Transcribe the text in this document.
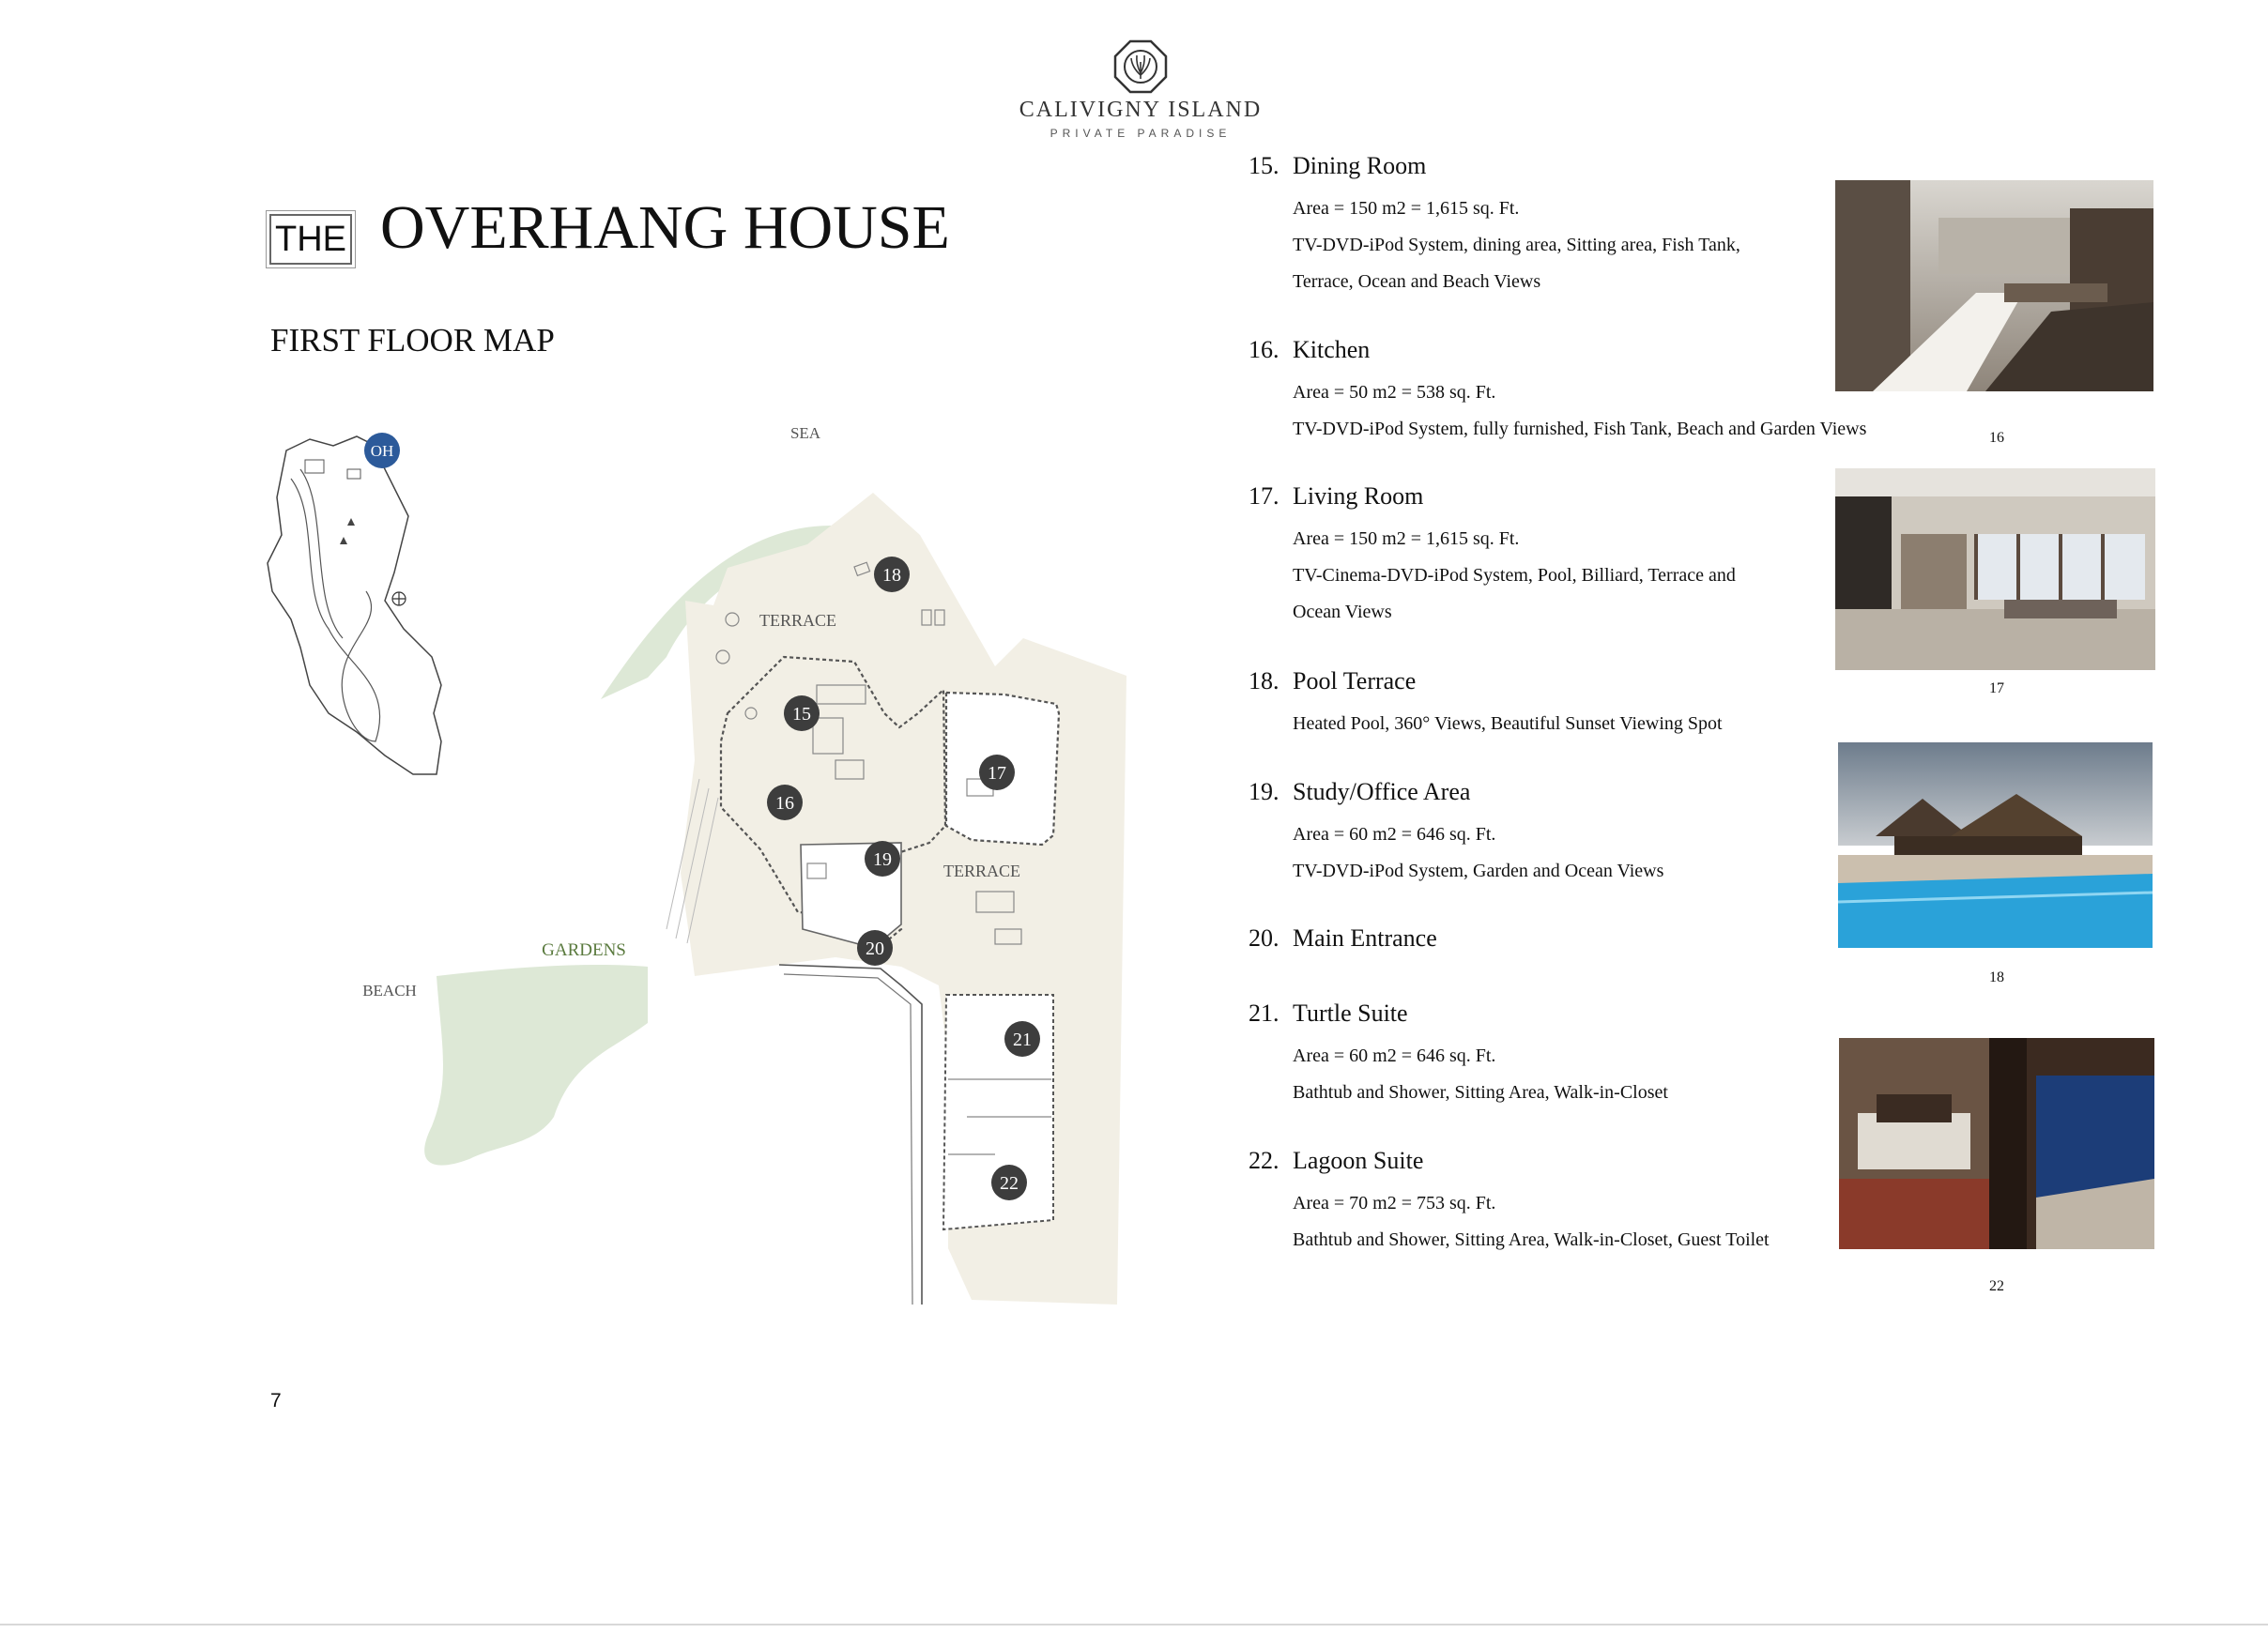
CALIVIGNY ISLAND
PRIVATE PARADISE
THE OVERHANG HOUSE
FIRST FLOOR MAP
SEA
TERRACE
TERRACE
GARDENS
BEACH
15
16
17
18
19
20
21
22
OH
15. Dining Room
Area = 150 m2 = 1,615 sq. Ft.
TV-DVD-iPod System, dining area, Sitting area, Fish Tank,
Terrace, Ocean and Beach Views
16. Kitchen
Area = 50 m2 = 538 sq. Ft.
TV-DVD-iPod System, fully furnished, Fish Tank, Beach and Garden Views
17. Living Room
Area = 150 m2 = 1,615 sq. Ft.
TV-Cinema-DVD-iPod System, Pool, Billiard, Terrace and
Ocean Views
18. Pool Terrace
Heated Pool, 360° Views, Beautiful Sunset Viewing Spot
19. Study/Office Area
Area = 60 m2 = 646 sq. Ft.
TV-DVD-iPod System, Garden and Ocean Views
20. Main Entrance
21. Turtle Suite
Area = 60 m2 = 646 sq. Ft.
Bathtub and Shower, Sitting Area, Walk-in-Closet
22. Lagoon Suite
Area = 70 m2 = 753 sq. Ft.
Bathtub and Shower, Sitting Area, Walk-in-Closet, Guest Toilet
16
17
18
22
7
